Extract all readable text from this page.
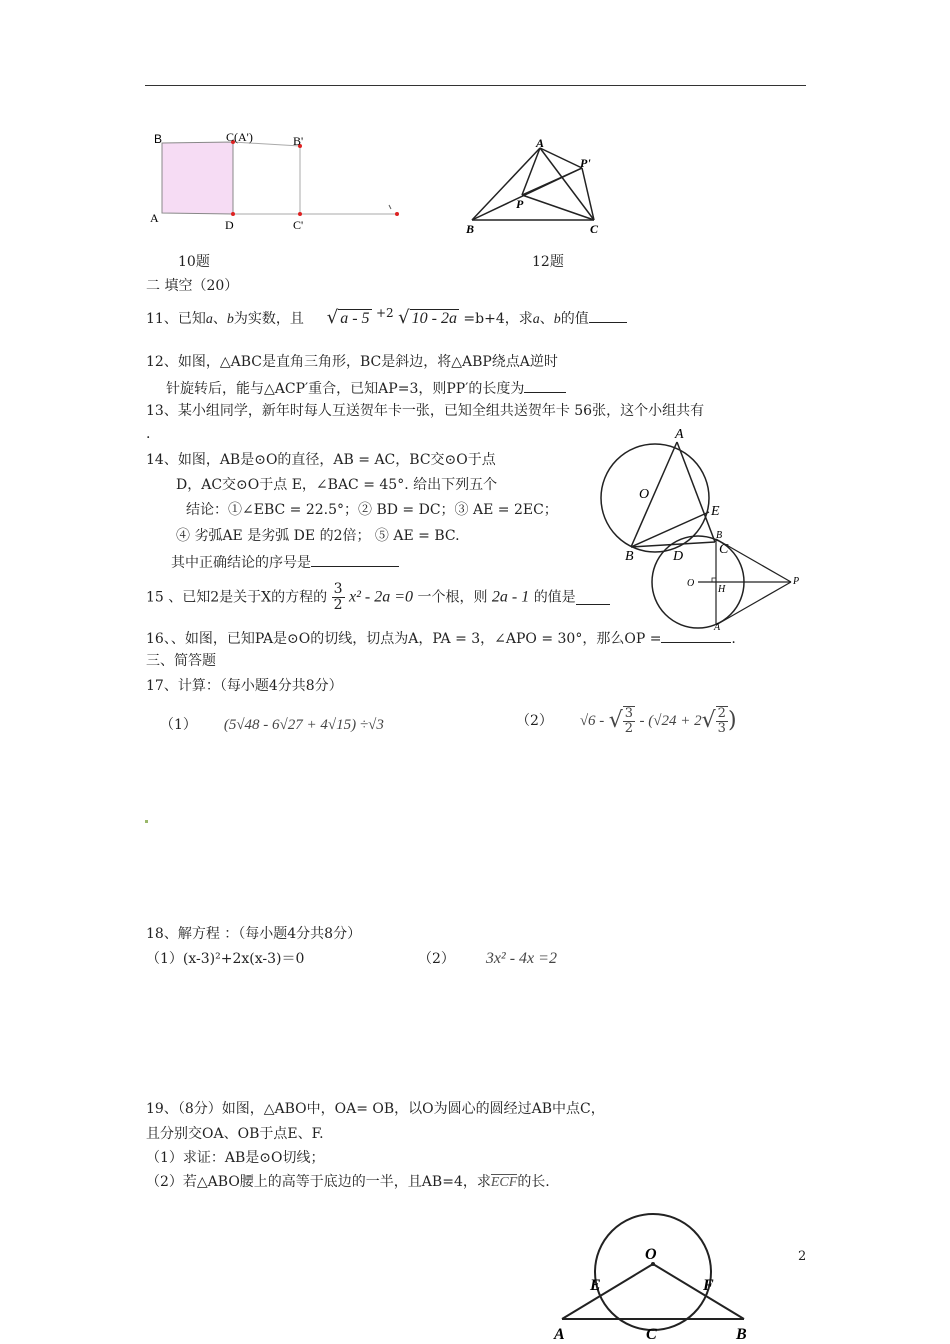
B	C(A')	B'
A	D	C'
10题
A
P'
P
B	C
12题
二 填空（20）
11、已知a、b为实数，且 √ a - 5 +2 √ 10 - 2a =b+4，求a、b的值
12、如图，△ABC是直角三角形，BC是斜边，将△ABP绕点A逆时
针旋转后，能与△ACP′重合，已知AP=3，则PP′的长度为
13、某小组同学，新年时每人互送贺年卡一张，已知全组共送贺年卡 56张，这个小组共有
.
14、如图，AB是⊙O的直径，AB = AC，BC交⊙O于点
D，AC交⊙O于点 E，∠BAC = 45°. 给出下列五个
结论：①∠EBC = 22.5°；② BD = DC；③ AE = 2EC；
④ 劣弧AE 是劣弧 DE 的2倍； ⑤ AE = BC.
其中正确结论的序号是
A
O
E
B	D	C
B
O
H
P
A
15 、已知2是关于X的方程的 $\frac{3}{2} x^2 - 2a =0$ 一个根，则 2a - 1 的值是
16、、如图，已知PA是⊙O的切线，切点为A，PA = 3，∠APO = 30°，那么OP =	.
三、简答题
17、计算：（每小题4分共8分）
（1） (5√48 - 6√27 + 4√15) ÷√3	（2） √6 - √ $\frac{3}{2} - (√24 + 2√ \frac{2}{3}$ )
18、解方程 ：（每小题4分共8分）
（1）(x-3)²+2x(x-3)＝0	（2） 3x² - 4x =2
19、（8分）如图，△ABO中，OA= OB，以O为圆心的圆经过AB中点C，
且分别交OA、OB于点E、F.
（1）求证：AB是⊙O切线；
（2）若△ABO腰上的高等于底边的一半，且AB=4，求ECF的长.
O
E	F
A	C	B
2
